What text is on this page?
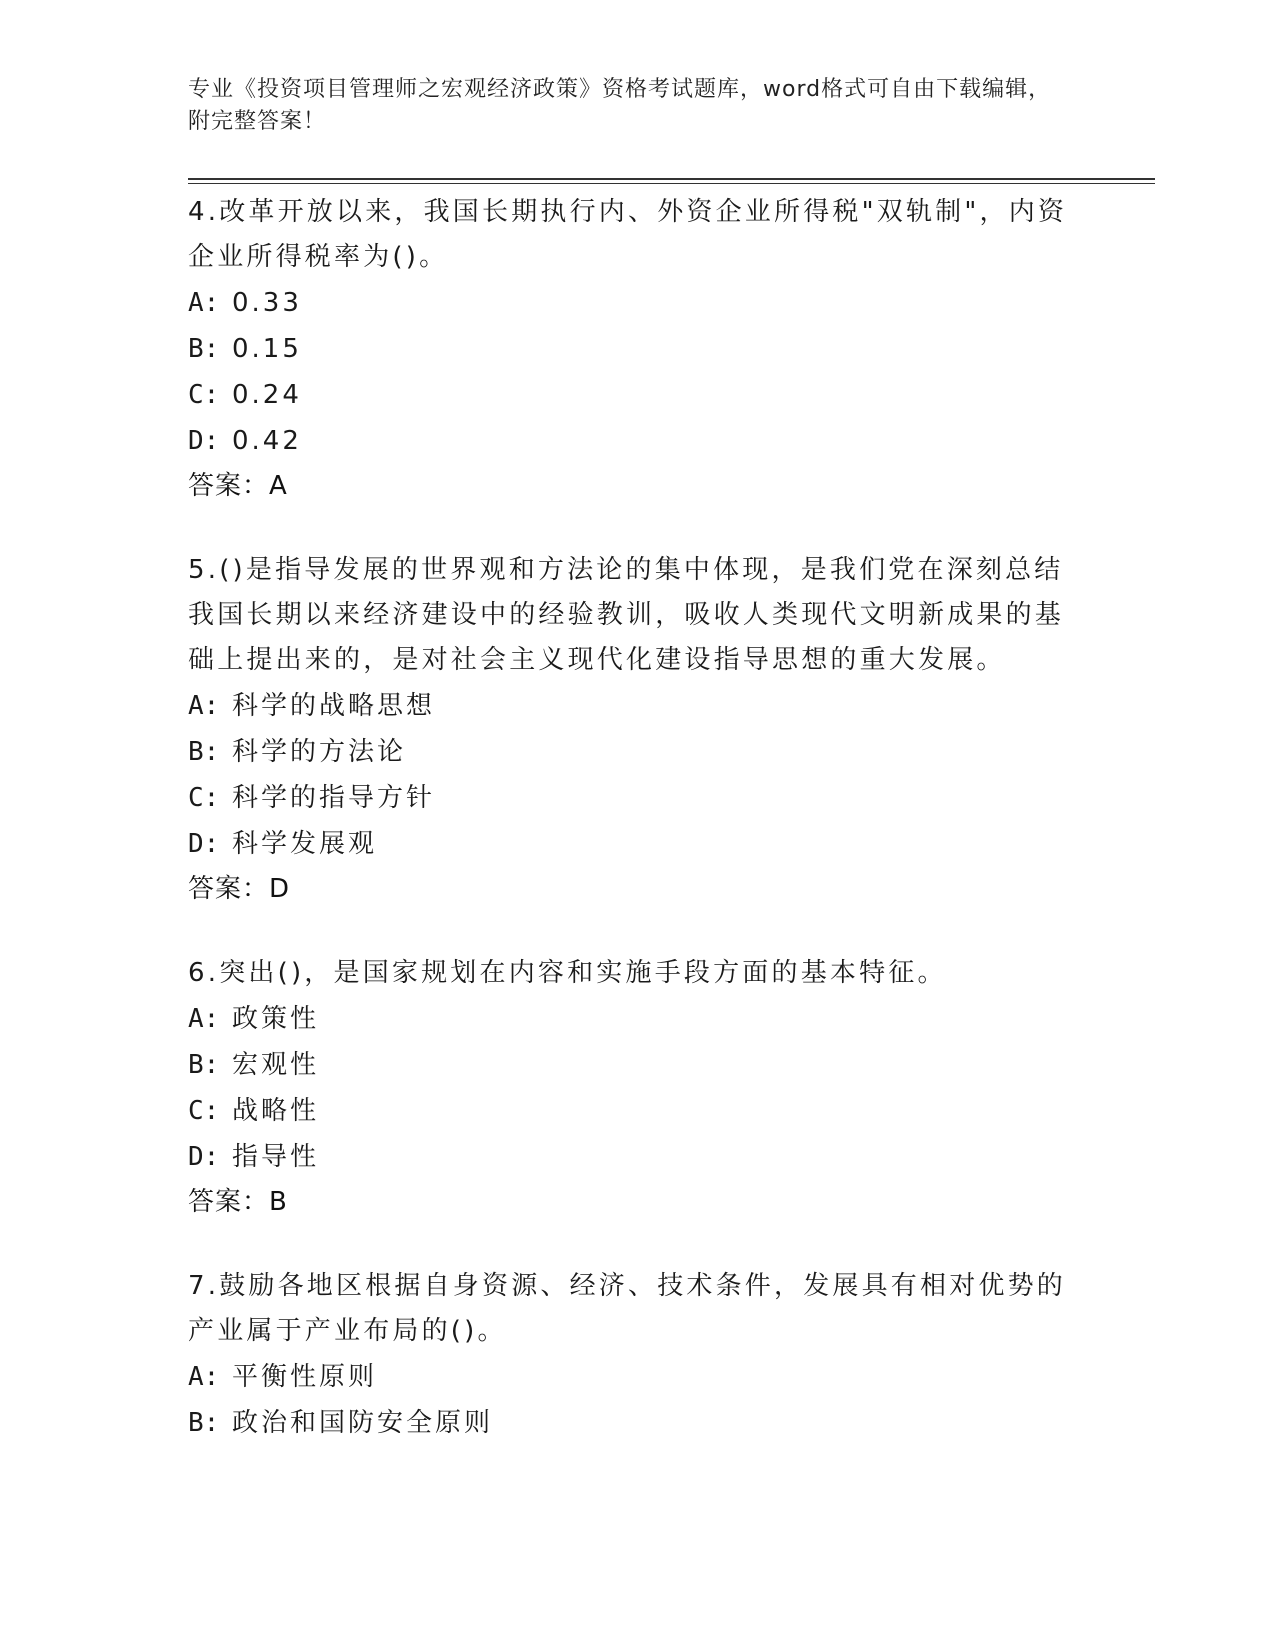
专业《投资项目管理师之宏观经济政策》资格考试题库，word格式可自由下载编辑，附完整答案！

4.改革开放以来，我国长期执行内、外资企业所得税"双轨制"，内资企业所得税率为()。

A: 0.33
B: 0.15
C: 0.24
D: 0.42
答案：A

5.()是指导发展的世界观和方法论的集中体现，是我们党在深刻总结我国长期以来经济建设中的经验教训，吸收人类现代文明新成果的基础上提出来的，是对社会主义现代化建设指导思想的重大发展。

A: 科学的战略思想
B: 科学的方法论
C: 科学的指导方针
D: 科学发展观
答案：D

6.突出()，是国家规划在内容和实施手段方面的基本特征。

A: 政策性
B: 宏观性
C: 战略性
D: 指导性
答案：B

7.鼓励各地区根据自身资源、经济、技术条件，发展具有相对优势的产业属于产业布局的()。

A: 平衡性原则
B: 政治和国防安全原则
